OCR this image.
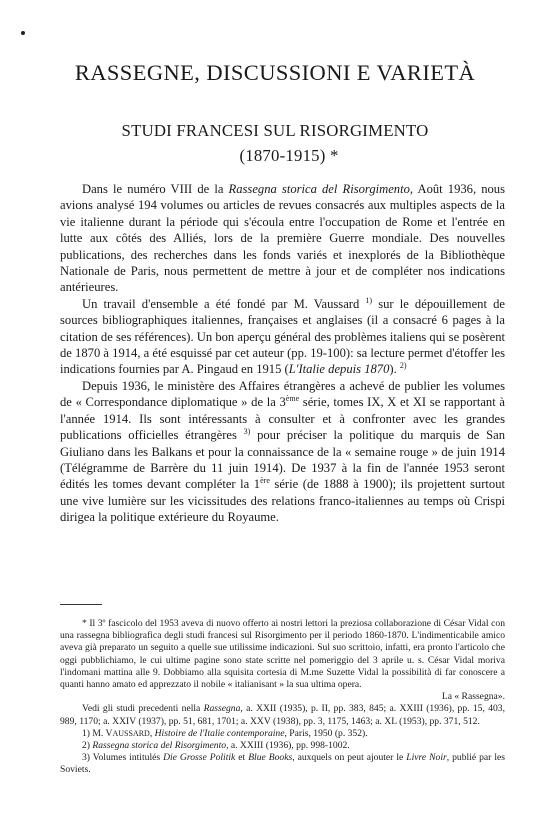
RASSEGNE, DISCUSSIONI E VARIETÀ
STUDI FRANCESI SUL RISORGIMENTO
(1870-1915) *

Dans le numéro VIII de la Rassegna storica del Risorgimento, Août 1936, nous avions analysé 194 volumes ou articles de revues consacrés aux multiples aspects de la vie italienne durant la période qui s'écoula entre l'occupation de Rome et l'entrée en lutte aux côtés des Alliés, lors de la première Guerre mondiale. Des nouvelles publications, des recherches dans les fonds variés et inexplorés de la Bibliothèque Nationale de Paris, nous permettent de mettre à jour et de compléter nos indications antérieures.

Un travail d'ensemble a été fondé par M. Vaussard $^{1)}$ sur le dépouillement de sources bibliographiques italiennes, françaises et anglaises (il a consacré 6 pages à la citation de ses références). Un bon aperçu général des problèmes italiens qui se posèrent de 1870 à 1914, a été esquissé par cet auteur (pp. 19-100): sa lecture permet d'étoffer les indications fournies par A. Pingaud en 1915 (L'Italie depuis 1870). $^{2)}$

Depuis 1936, le ministère des Affaires étrangères a achevé de publier les volumes de « Correspondance diplomatique » de la 3ème série, tomes IX, X et XI se rapportant à l'année 1914. Ils sont intéressants à consulter et à confronter avec les grandes publications officielles étrangères $^{3)}$ pour préciser la politique du marquis de San Giuliano dans les Balkans et pour la connaissance de la « semaine rouge » de juin 1914 (Télégramme de Barrère du 11 juin 1914). De 1937 à la fin de l'année 1953 seront édités les tomes devant compléter la 1ère série (de 1888 à 1900); ils projettent surtout une vive lumière sur les vicissitudes des relations franco-italiennes au temps où Crispi dirigea la politique extérieure du Royaume.

* Il 3º fascicolo del 1953 aveva di nuovo offerto ai nostri lettori la preziosa collaborazione di César Vidal con una rassegna bibliografica degli studi francesi sul Risorgimento per il periodo 1860-1870. L'indimenticabile amico aveva già preparato un seguito a quelle sue utilissime indicazioni. Sul suo scrittoio, infatti, era pronto l'articolo che oggi pubblichiamo, le cui ultime pagine sono state scritte nel pomeriggio del 3 aprile u. s. César Vidal moriva l'indomani mattina alle 9. Dobbiamo alla squisita cortesia di M.me Suzette Vidal la possibilità di far conoscere a quanti hanno amato ed apprezzato il nobile « italianisant » la sua ultima opera.

La « Rassegna».

Vedi gli studi precedenti nella Rassegna, a. XXII (1935), p. II, pp. 383, 845; a. XXIII (1936), pp. 15, 403, 989, 1170; a. XXIV (1937), pp. 51, 681, 1701; a. XXV (1938), pp. 3, 1175, 1463; a. XL (1953), pp. 371, 512.

1) M. VAUSSARD, Histoire de l'Italie contemporaine, Paris, 1950 (p. 352).

2) Rassegna storica del Risorgimento, a. XXIII (1936), pp. 998-1002.

3) Volumes intitulés Die Grosse Politik et Blue Books, auxquels on peut ajouter le Livre Noir, publié par les Soviets.
